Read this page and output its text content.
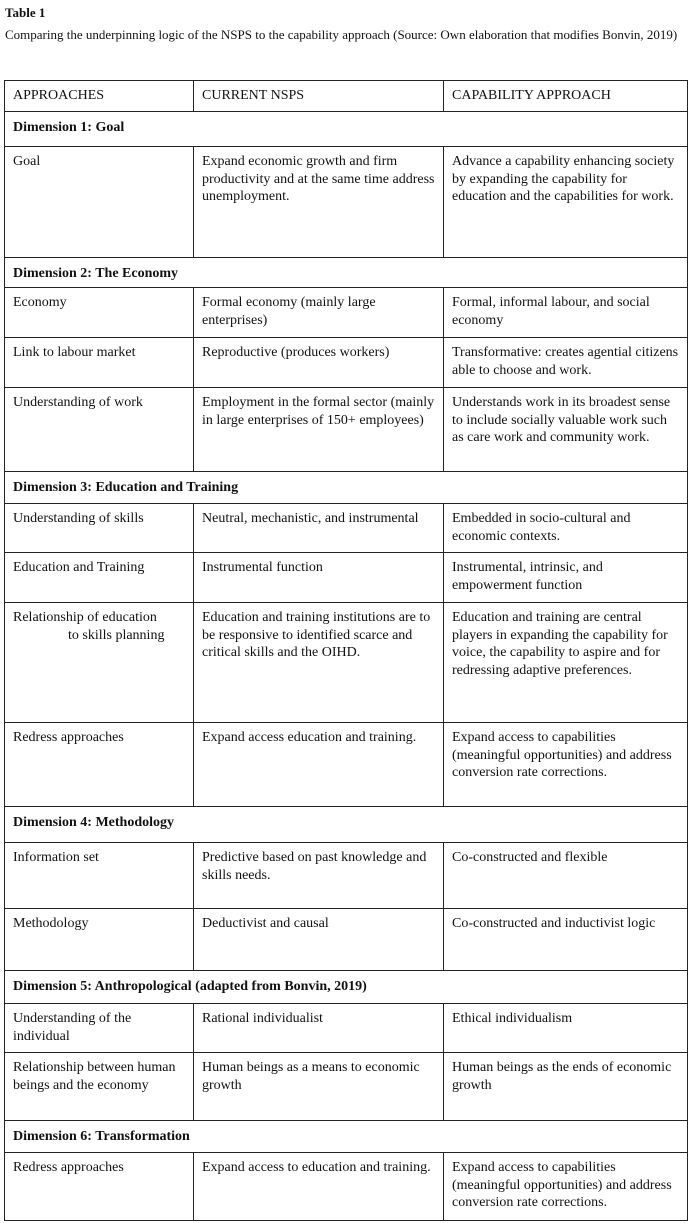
Table 1
Comparing the underpinning logic of the NSPS to the capability approach (Source: Own elaboration that modifies Bonvin, 2019)
APPROACHES	CURRENT NSPS	CAPABILITY APPROACH
Dimension 1: Goal		
Goal	Expand economic growth and firm productivity and at the same time address unemployment.	Advance a capability enhancing society by expanding the capability for education and the capabilities for work.
Dimension 2: The Economy		
Economy	Formal economy (mainly large enterprises)	Formal, informal labour, and social economy
Link to labour market	Reproductive (produces workers)	Transformative: creates agential citizens able to choose and work.
Understanding of work	Employment in the formal sector (mainly in large enterprises of 150+ employees)	Understands work in its broadest sense to include socially valuable work such as care work and community work.
Dimension 3: Education and Training		
Understanding of skills	Neutral, mechanistic, and instrumental	Embedded in socio-cultural and economic contexts.
Education and Training	Instrumental function	Instrumental, intrinsic, and empowerment function

Relationship of education
to skills planning	Education and training institutions are to be responsive to identified scarce and critical skills and the OIHD.	Education and training are central players in expanding the capability for voice, the capability to aspire and for redressing adaptive preferences.
Redress approaches	Expand access education and training.	Expand access to capabilities (meaningful opportunities) and address conversion rate corrections.
Dimension 4: Methodology		
Information set	Predictive based on past knowledge and skills needs.	Co-constructed and flexible
Methodology	Deductivist and causal	Co-constructed and inductivist logic
Dimension 5: Anthropological (adapted from Bonvin, 2019)		
Understanding of the individual	Rational individualist	Ethical individualism
Relationship between human beings and the economy	Human beings as a means to economic growth	Human beings as the ends of economic growth
Dimension 6: Transformation		
Redress approaches	Expand access to education and training.	Expand access to capabilities (meaningful opportunities) and address conversion rate corrections.
